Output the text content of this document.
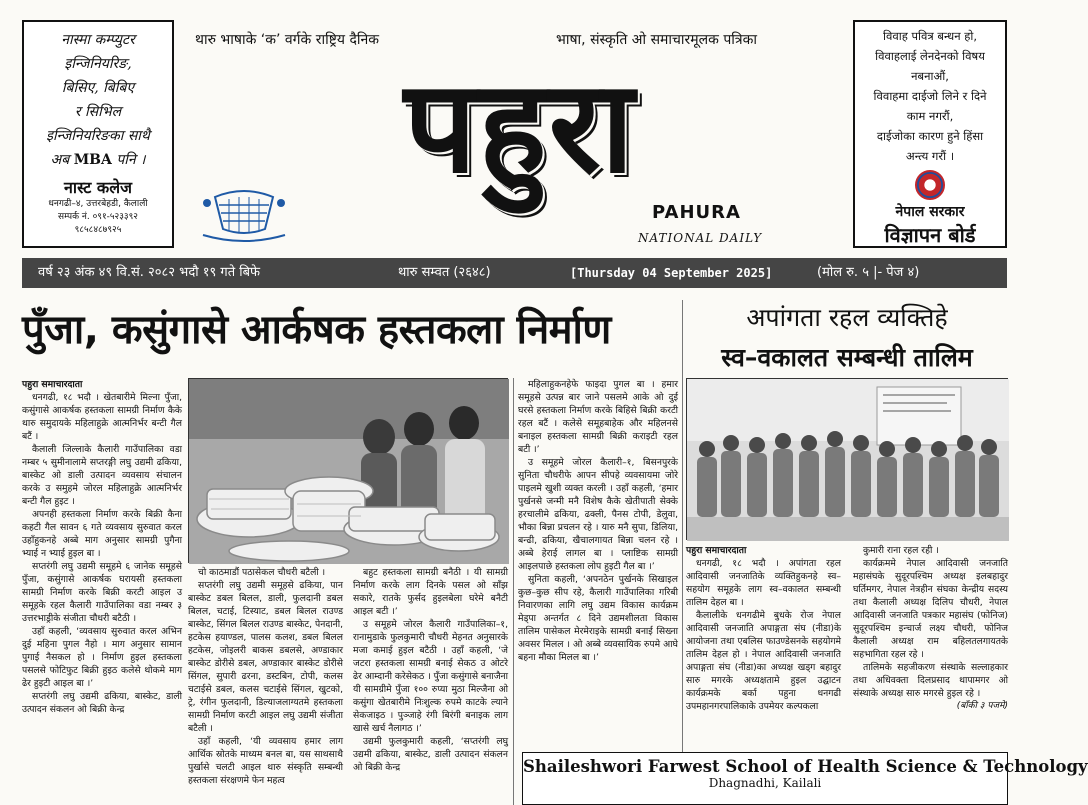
नास्मा कम्प्युटर
इन्जिनियरिङ,
बिसिए, बिबिए
र सिभिल
इन्जिनियरिङका साथै
अब MBA पनि ।
नास्ट कलेज
धनगढी–४, उत्तरबेहडी, कैलाली
सम्पर्क नं. ०९१-५२३३९२
९८५८४८७९२५
थारु भाषाके ‘क’ वर्गके राष्ट्रिय दैनिक	भाषा, संस्कृति ओ समाचारमूलक पत्रिका
पहुरा
PAHURA
NATIONAL DAILY
विवाह पवित्र बन्धन हो,
विवाहलाई लेनदेनको विषय
नबनाऔं,
विवाहमा दाईजो लिने र दिने
काम नगरौं,
दाईजोका कारण हुने हिंसा
अन्त्य गरौं ।
नेपाल सरकार
विज्ञापन बोर्ड
वर्ष २३ अंक ४९ वि.सं. २०८२ भदौ १९ गते बिफे	थारु सम्वत (२६४८)	[Thursday 04 September 2025]	(मोल रु. ५ |- पेज ४)
पुँजा, कसुंगासे आर्कषक हस्तकला निर्माण	अपांगता रहल व्यक्तिहे
स्व–वकालत सम्बन्धी तालिम

पहुरा समाचारदाता

धनगढी, १८ भदौ । खेतबारीमे मिल्ना पुँजा, कसुंगासे आकर्षक हस्तकला सामग्री निर्माण कैके थारु समुदायके महिलाहुक्रे आत्मनिर्भर बन्टी गैल बटैं ।

कैलाली जिल्लाके कैलारी गाउँपालिका वडा नम्बर ५ सुमीनालामे सप्तरङ्गी लघु उद्यमी ढकिया, बास्केट ओ डाली उत्पादन व्यवसाय संचालन करके उ समुहमे जोरल महिलाहुक्रे आत्मनिर्भर बन्टी गैल हुइट ।

अपनही हस्तकला निर्माण करके बिक्री कैना कहटी गैल सावन ६ गते व्यवसाय सुरुवात करल उहाँहुकनहे अब्बे माग अनुसार सामग्री पुगैना भ्याई न भ्याई हुइल बा ।

सप्तरंगी लघु उद्यमी समूहमे ६ जानेक समूहसे पुँजा, कसुंगासे आकर्षक घरायसी हस्तकला सामग्री निर्माण करके बिक्री करटी आइल उ समूहके रहल कैलारी गाउँपालिका वडा नम्बर ३ उत्तरभाड्रीके संजीता चौधरी बटैठी ।

उहाँ कहली, ‘व्यवसाय सुरुवात करल अभिन दुई महिना पुगल नैहो । माग अनुसार सामान पुगाई नैसकल हो । निर्माण हुइल हस्तकला पसलसे फोटिफुट बिक्री हुइठ कलेसे थोकमे माग ढेर हुइटी आइल बा ।’

सप्तरंगी लघु उद्यमी ढकिया, बास्केट, डाली उत्पादन संकलन ओ बिक्री केन्द्र

चो काठमाडौं पठासेकल चौधरी बटैली ।

सप्तरंगी लघु उद्यमी समूहसे ढकिया, पान बास्केट डबल बिलल, डाली, फुलदानी डबल बिलल, चटाई, टिस्याट, डबल बिलल राउण्ड बास्केट, सिंगल बिलल राउण्ड बास्केट, पेनदानी, हटकेस हयाण्डल, पालस कलश, डबल बिलल हटकेस, जोइलरी बाकस डबलसे, अण्डाकार बास्केट डोरीसे डबल, अण्डाकार बास्केट डोरीसे सिंगल, सुपारी ढरना, डस्टबिन, टोपी, कलस चटाईसे डबल, कलस चटाईसे सिंगल, खुटको, ट्रे, रंगीन फुलदानी, डिल्याजलाग्यतमे हस्तकला सामग्री निर्माण करटी आइल लघु उद्यमी संजीता बटैली ।

उहाँ कहली, ‘यी व्यवसाय हमार लाग आर्थिक स्रोतके माध्यम बनल बा, यस साथसाथै पुर्खासे चलटी आइल थारु संस्कृति सम्बन्धी हस्तकला संरक्षणमे फेन महत्व

बहुट हस्तकला सामग्री बनैठी । यी सामग्री निर्माण करके लाग दिनके पसल ओ साँझ सकारे, रातके फुर्सद हुइलबेला घरेमे बनैटी आइल बटी ।’

उ समूहमे जोरल कैलारी गाउँपालिका–१, रानामुडाके फुलकुमारी चौधरी मेहनत अनुसारके मजा कमाई हुइल बटैठी । उहाँ कहली, ‘जे जटरा हस्तकला सामग्री बनाई सेकठ उ ओटरे ढेर आम्दानी करेसेकठ । पुँजा कसुंगासे बनाजैना यी सामग्रीमे पुँजा १०० रुप्या मुठा मिल्जैना ओ कसुंगा खेतबारीमे निःशुल्क रुपमे काटके ल्याने सेकजाइठ । पुञ्जाहे रंगी बिरंगी बनाइक लाग खासे खर्च नैलागठ ।’

उद्यमी फुलकुमारी कहली, ‘सप्तरंगी लघु उद्यमी ढकिया, बास्केट, डाली उत्पादन संकलन ओ बिक्री केन्द्र

महिलाहुकनहेफे फाइदा पुगल बा । हमार समूहसे उत्पन्न बार जाने पसलमे आके ओ दुई घरसे हस्तकला निर्माण करके बिहिसे बिक्री करटी रहल बटैं । कलेसे समूहबाहेक और महिलनसे बनाइल हस्तकला सामग्री बिक्री कराइटी रहल बटी ।’

उ समूहमे जोरल कैलारी–१, बिसनपुरके सुनिता चौधरीफे आपन सीपहे व्यवसायमा जोरे पाइलमे खुशी व्यक्त करली । उहाँ कहली, ‘हमार पुर्खनसे जन्मी मनै विशेष कैके खेतीपाती सेक्के हरचालीमे ढकिया, ढक्ली, पैनस टोपी, डेलुवा, भौका बिन्ना प्रचलन रहे । यारु मनै सुपा, डिलिया, बन्ढी, ढकिया, खैचालगायत बिन्ना चलन रहे । अब्बे हेराई लागल बा । प्लाष्टिक सामग्री आइलपाछे हस्तकला लोप हुइटी गैल बा ।’

सुनिता कहली, ‘अपनठेन पुर्खनके सिखाइल कुछ–कुछ सीप रहे, कैलारी गाउँपालिका गरिबी निवारणका लागि लघु उद्यम विकास कार्यक्रम मेड्पा अन्तर्गत ८ दिने उद्यमशीलता विकास तालिम पासेकल मेरमेराइके सामग्री बनाई सिख्ना अवसर मिलल । ओ अब्बे व्यवसायिक रुपमे आघे बहना मौका मिलल बा ।’

पहुरा समाचारदाता

धनगढी, १८ भदौ । अपांगता रहल आदिवासी जनजातिके व्यक्तिहुकनहे स्व–सहयोग समूहके लाग स्व–वकालत सम्बन्धी तालिम देहल बा ।

कैलालीके धनगढीमे बुधके रोज नेपाल आदिवासी जनजाति अपाङ्गता संघ (नीडा)के आयोजना तथा एबलिस फाउण्डेसनके सहयोगमे तालिम देहल हो । नेपाल आदिवासी जनजाति अपाङ्गता संघ (नीडा)का अध्यक्ष खड्ग बहादुर सारु मगरके अध्यक्षतामे हुइल उद्घाटन कार्यक्रमके बर्का पहुना धनगढी उपमहानगरपालिकाके उपमेयर कल्पकला

कुमारी राना रहल रही ।

कार्यक्रममे नेपाल आदिवासी जनजाति महासंघके सुदूरपश्चिम अध्यक्ष इलबहादुर घर्तिमगर, नेपाल नेत्रहीन संघका केन्द्रीय सदस्य तथा कैलाली अध्यक्ष दिलिप चौधरी, नेपाल आदिवासी जनजाति पत्रकार महासंघ (फोनिज) सुदूरपश्चिम इन्चार्ज लक्ष्य चौधरी, फोनिज कैलाली अध्यक्ष राम बहिलतलगायतके सहभागिता रहल रहे ।

तालिमके सहजीकरण संस्थाके सल्लाहकार तथा अधिवक्ता दिलप्रसाद थापामगर ओ संस्थाके अध्यक्ष सारु मगरसे हुइल रहे ।

(बाँकी ३ पजमे)
Shaileshwori Farwest School of Health Science & Technology
Dhagnadhi, Kailali
